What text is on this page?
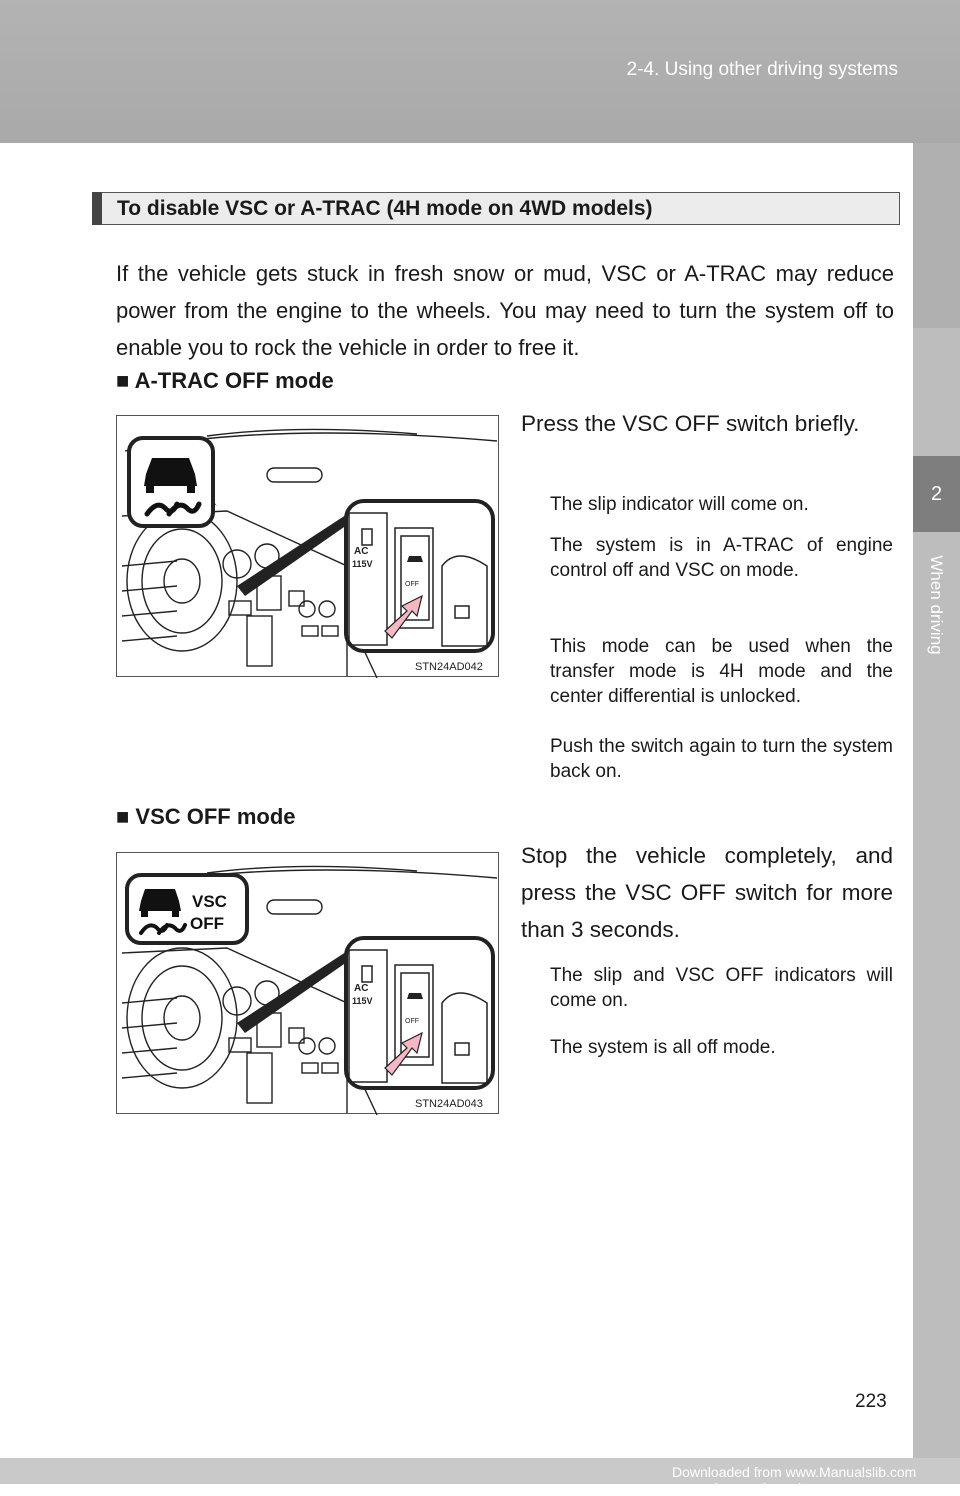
2-4. Using other driving systems
2
When driving
To disable VSC or A-TRAC (4H mode on 4WD models)

If the vehicle gets stuck in fresh snow or mud, VSC or A-TRAC may reduce power from the engine to the wheels. You may need to turn the system off to enable you to rock the vehicle in order to free it.

■ A-TRAC OFF mode
AC
115V
OFF
STN24AD042

Press the VSC OFF switch briefly.

The slip indicator will come on.

The system is in A-TRAC of engine control off and VSC on mode.

This mode can be used when the transfer mode is 4H mode and the center differential is unlocked.

Push the switch again to turn the system back on.

■ VSC OFF mode
VSC
OFF
AC
115V
OFF
STN24AD043

Stop the vehicle completely, and press the VSC OFF switch for more than 3 seconds.

The slip and VSC OFF indicators will come on.

The system is all off mode.

223
Downloaded from www.Manualslib.com manuals search engine
